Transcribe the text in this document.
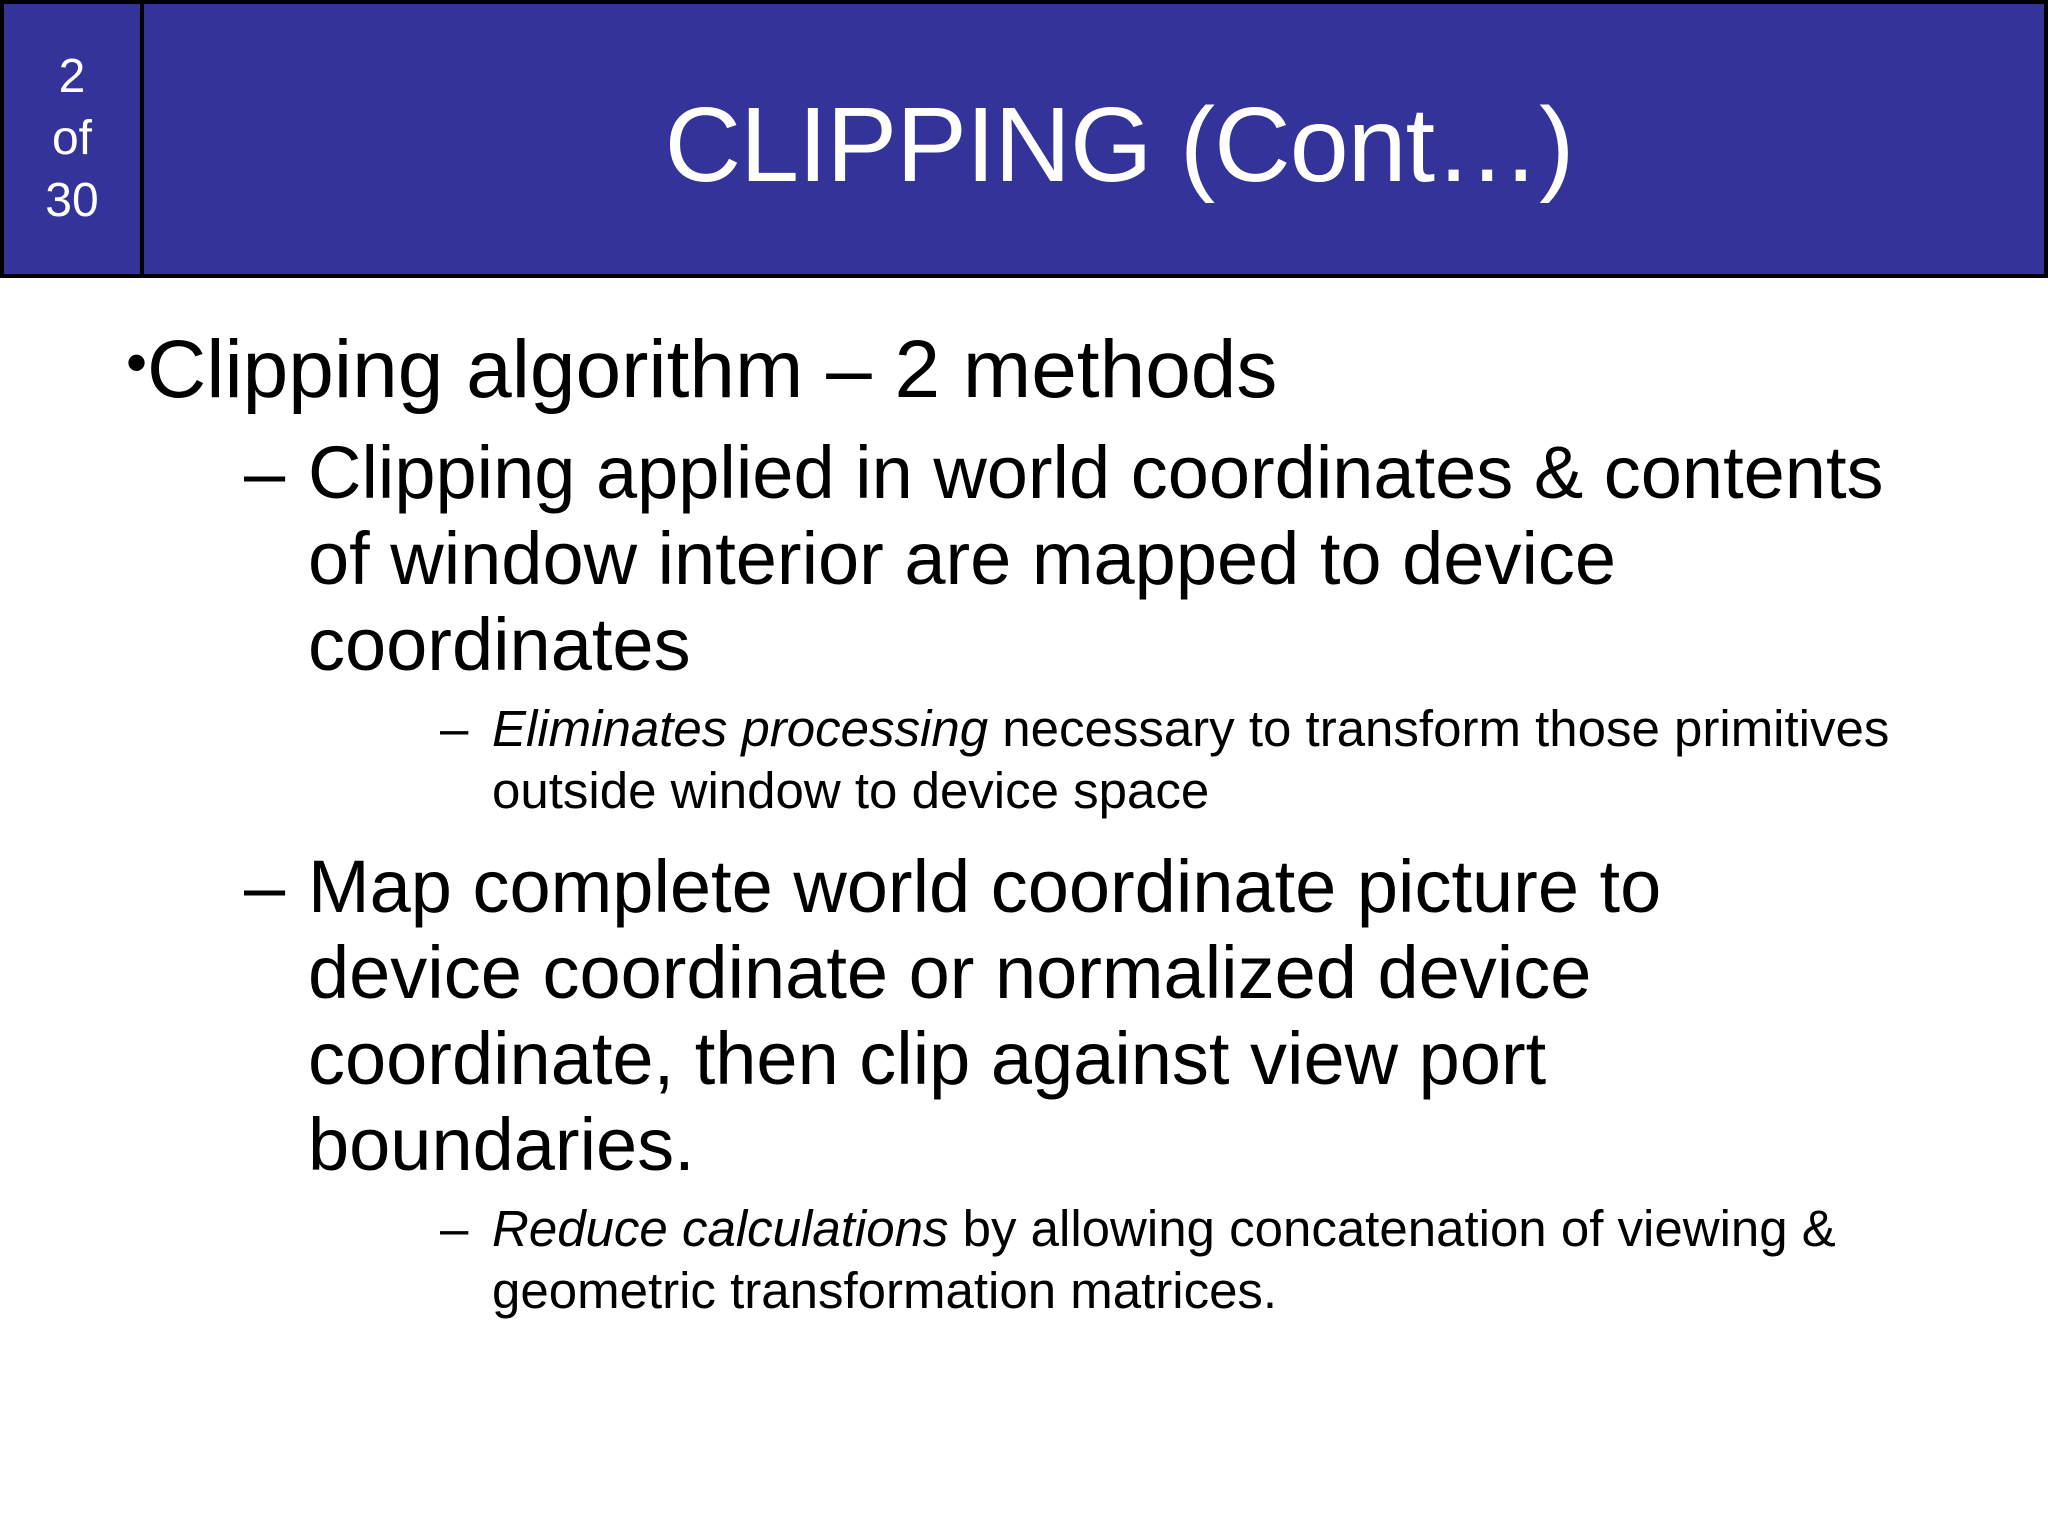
2
of
30	CLIPPING (Cont…)
•Clipping algorithm – 2 methods
– Clipping applied in world coordinates & contents of window interior are mapped to device coordinates
– Eliminates processing necessary to transform those primitives outside window to device space
– Map complete world coordinate picture to device coordinate or normalized device coordinate, then clip against view port boundaries.
– Reduce calculations by allowing concatenation of viewing & geometric transformation matrices.
